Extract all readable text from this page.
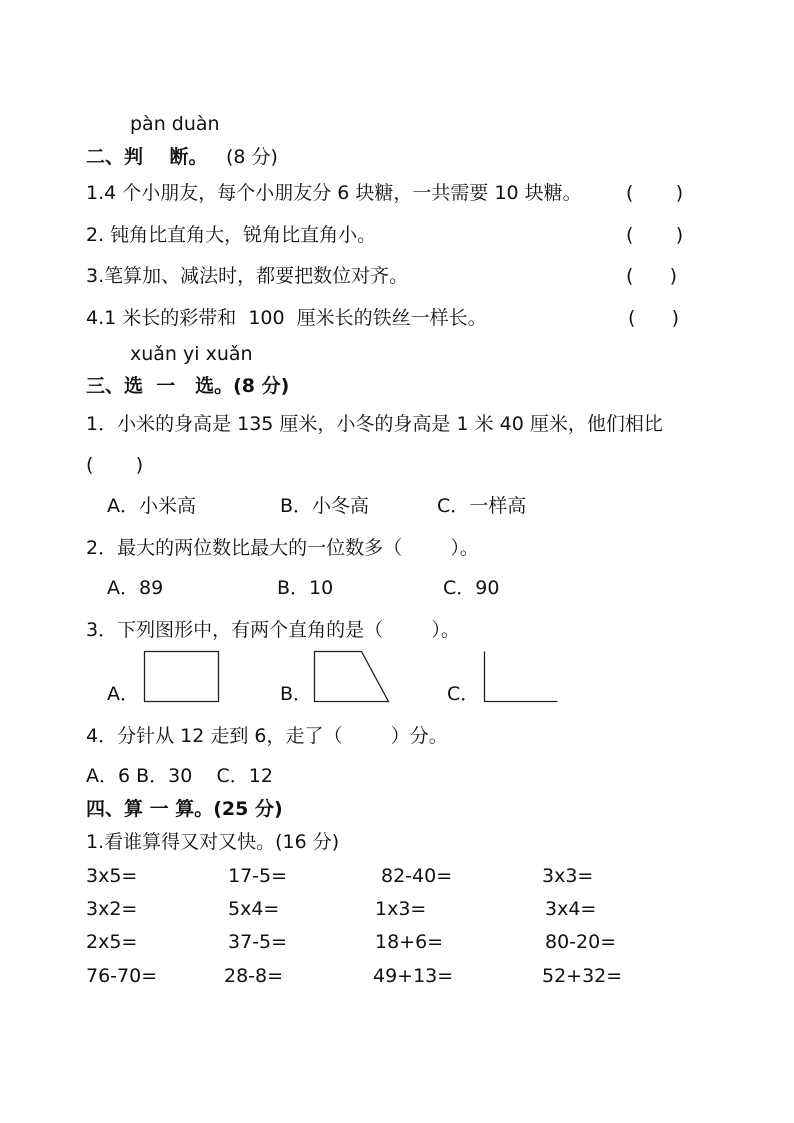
pàn duàn
二、判    断。 (8 分)
1.4 个小朋友，每个小朋友分 6 块糖，一共需要 10 块糖。 (       )
2. 钝角比直角大，锐角比直角小。	(       )
3.笔算加、减法时，都要把数位对齐。	(      )
4.1 米长的彩带和  100  厘米长的铁丝一样长。	(      )
xuǎn yi xuǎn
三、选  一   选。(8 分)
1．小米的身高是 135 厘米，小冬的身高是 1 米 40 厘米，他们相比
(       )
A．小米高	B．小冬高	C．一样高
2．最大的两位数比最大的一位数多（        ）。
A．89	B．10	C．90
3．下列图形中，有两个直角的是（        ）。
A．	B．	C．
4．分针从 12 走到 6，走了（        ）分。
A．6 B．30    C．12
四、算 一 算。(25 分)
1.看谁算得又对又快。(16 分)
3x5=	17-5=	82-40=	3x3=
3x2=	5x4=	1x3=	3x4=
2x5=	37-5=	18+6=	80-20=
76-70=	28-8=	49+13=	52+32=
